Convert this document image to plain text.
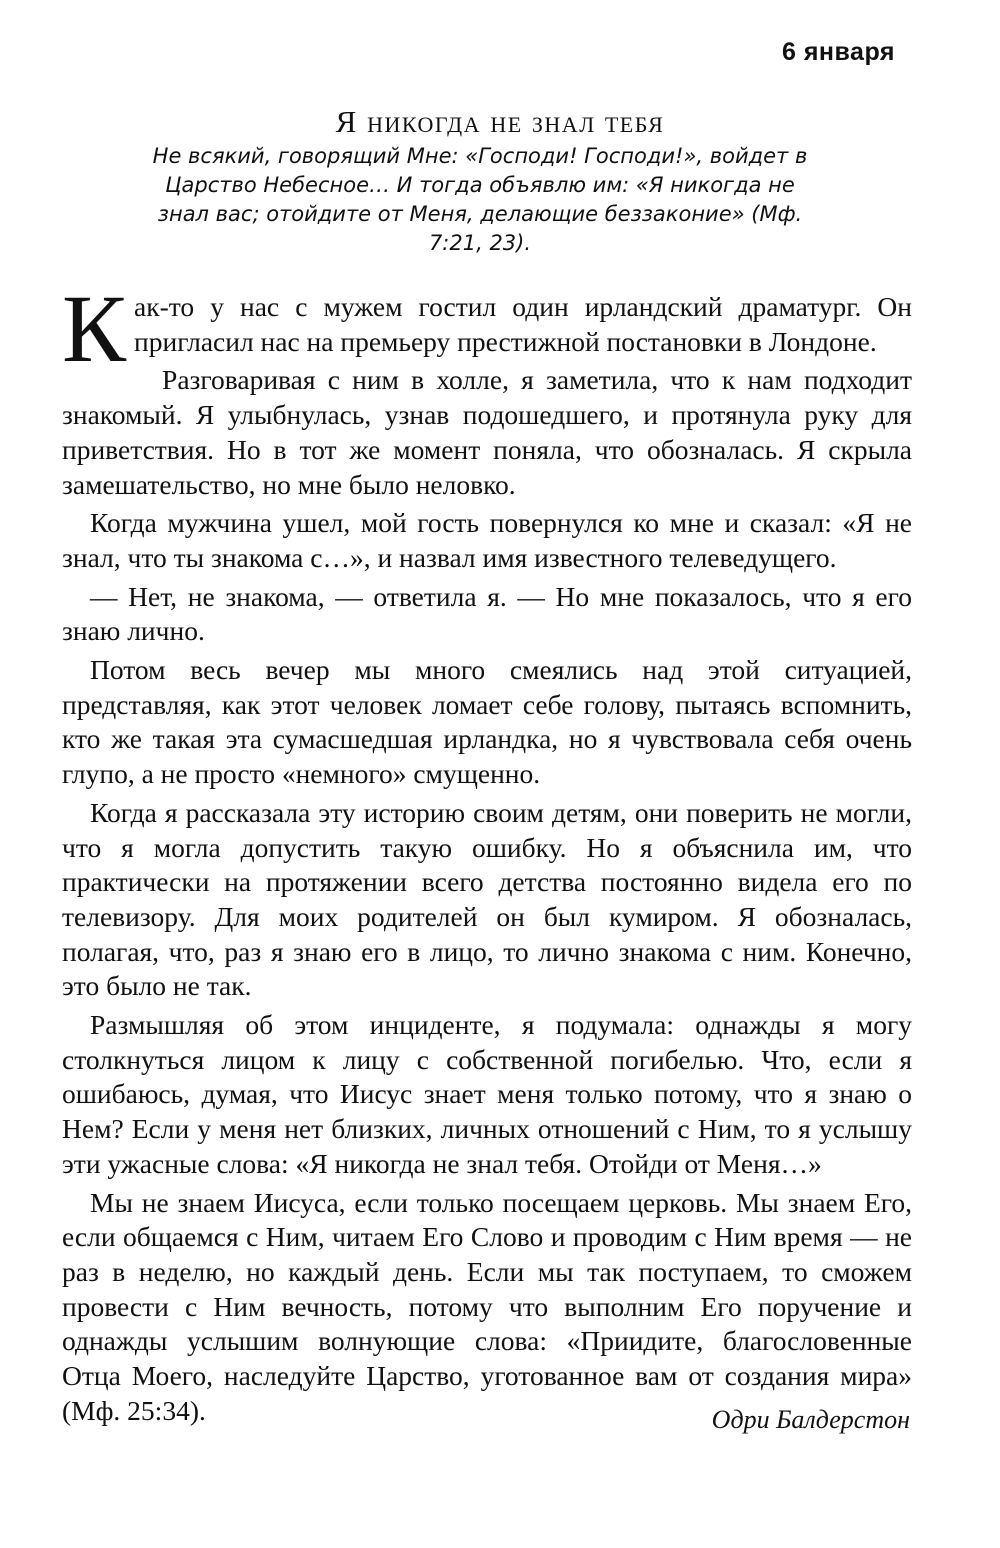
6 января
Я никогда не знал тебя
Не всякий, говорящий Мне: «Господи! Господи!», войдет в Царство Небесное… И тогда объявлю им: «Я никогда не знал вас; отойдите от Меня, делающие беззаконие» (Мф. 7:21, 23).

Как-то у нас с мужем гостил один ирландский драматург. Он пригласил нас на премьеру престижной постановки в Лондоне.

Разговаривая с ним в холле, я заметила, что к нам подходит знакомый. Я улыбнулась, узнав подошедшего, и протянула руку для приветствия. Но в тот же момент поняла, что обозналась. Я скрыла замешательство, но мне было неловко.

Когда мужчина ушел, мой гость повернулся ко мне и сказал: «Я не знал, что ты знакома с…», и назвал имя известного телеведущего.

— Нет, не знакома, — ответила я. — Но мне показалось, что я его знаю лично.

Потом весь вечер мы много смеялись над этой ситуацией, представляя, как этот человек ломает себе голову, пытаясь вспомнить, кто же такая эта сумасшедшая ирландка, но я чувствовала себя очень глупо, а не просто «немного» смущенно.

Когда я рассказала эту историю своим детям, они поверить не могли, что я могла допустить такую ошибку. Но я объяснила им, что практически на протяжении всего детства постоянно видела его по телевизору. Для моих родителей он был кумиром. Я обозналась, полагая, что, раз я знаю его в лицо, то лично знакома с ним. Конечно, это было не так.

Размышляя об этом инциденте, я подумала: однажды я могу столкнуться лицом к лицу с собственной погибелью. Что, если я ошибаюсь, думая, что Иисус знает меня только потому, что я знаю о Нем? Если у меня нет близких, личных отношений с Ним, то я услышу эти ужасные слова: «Я никогда не знал тебя. Отойди от Меня…»

Мы не знаем Иисуса, если только посещаем церковь. Мы знаем Его, если общаемся с Ним, читаем Его Слово и проводим с Ним время — не раз в неделю, но каждый день. Если мы так поступаем, то сможем провести с Ним вечность, потому что выполним Его поручение и однажды услышим волнующие слова: «Приидите, благословенные Отца Моего, наследуйте Царство, уготованное вам от создания мира» (Мф. 25:34).	Одри Балдерстон
